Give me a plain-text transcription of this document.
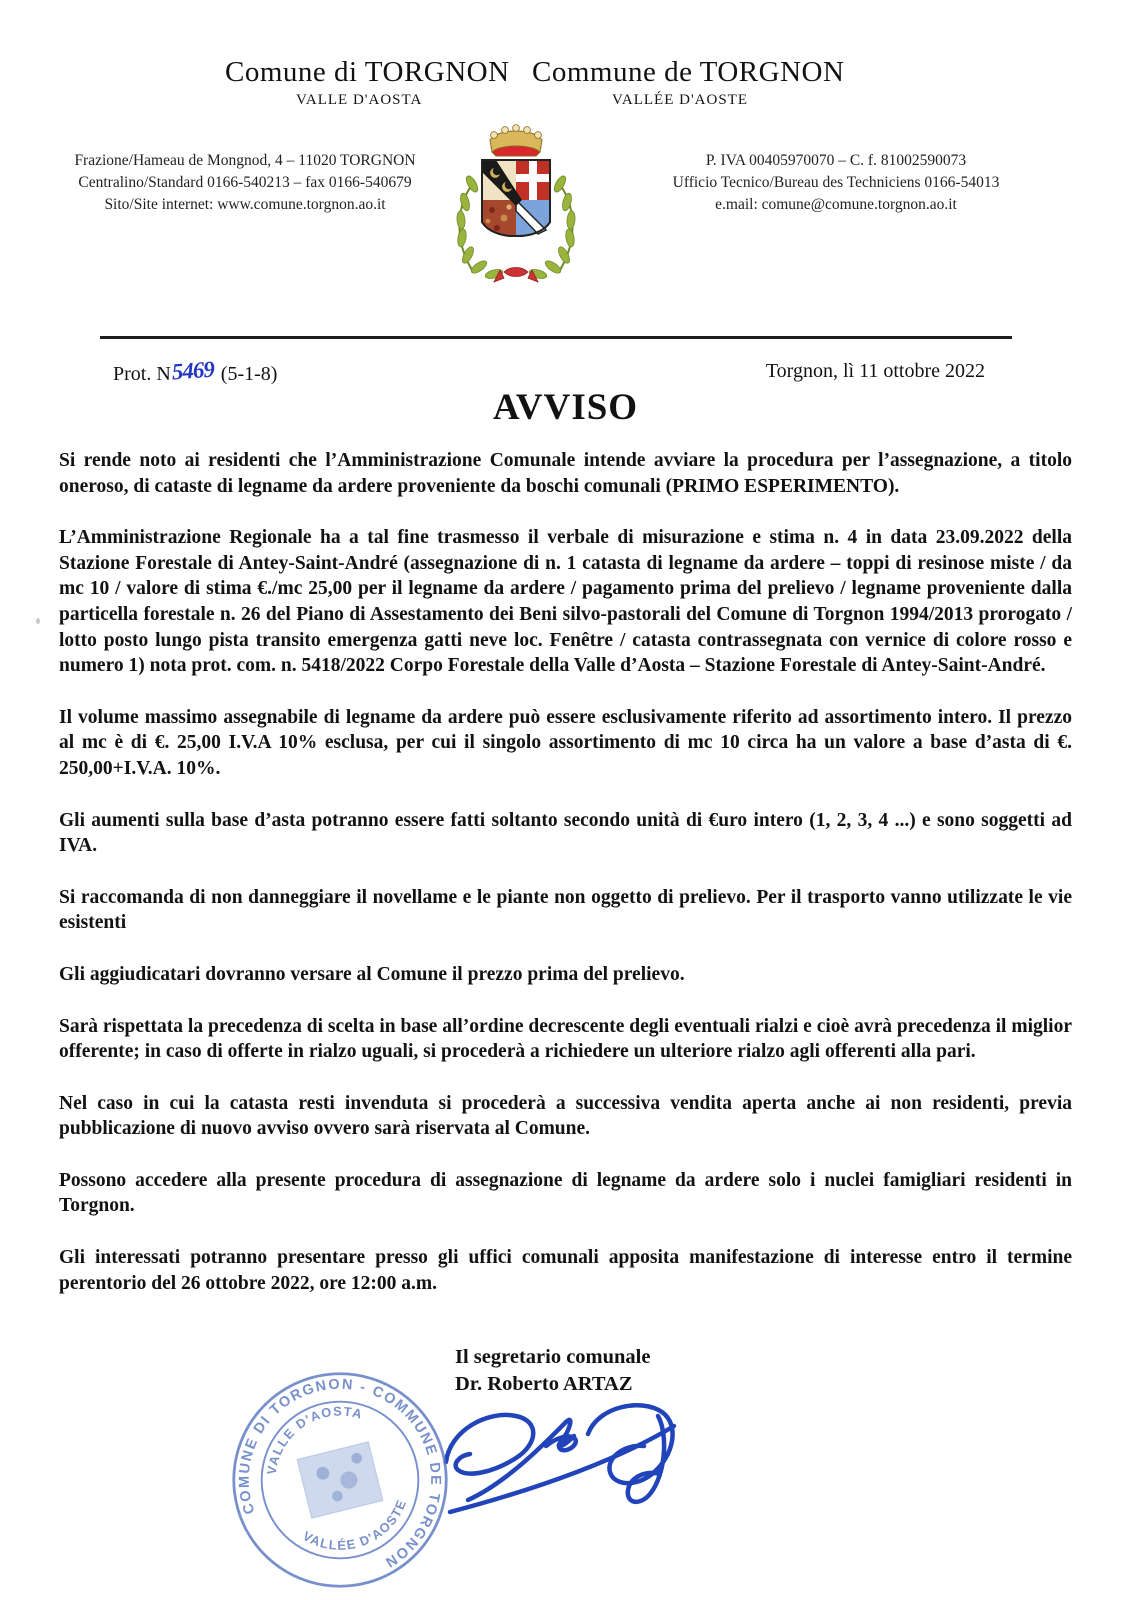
Comune di TORGNON Commune de TORGNON
VALLE D'AOSTA	VALLÉE D'AOSTE
Frazione/Hameau de Mongnod, 4 – 11020 TORGNON
Centralino/Standard 0166-540213 – fax 0166-540679
Sito/Site internet: www.comune.torgnon.ao.it
P. IVA 00405970070 – C. f. 81002590073
Ufficio Tecnico/Bureau des Techniciens 0166-54013
e.mail: comune@comune.torgnon.ao.it
Prot. N5469 (5-1-8)	Torgnon, lì 11 ottobre 2022
AVVISO

Si rende noto ai residenti che l’Amministrazione Comunale intende avviare la procedura per l’assegnazione, a titolo oneroso, di cataste di legname da ardere proveniente da boschi comunali (PRIMO ESPERIMENTO).

L’Amministrazione Regionale ha a tal fine trasmesso il verbale di misurazione e stima n. 4 in data 23.09.2022 della Stazione Forestale di Antey-Saint-André (assegnazione di n. 1 catasta di legname da ardere – toppi di resinose miste / da mc 10 / valore di stima €./mc 25,00 per il legname da ardere / pagamento prima del prelievo / legname proveniente dalla particella forestale n. 26 del Piano di Assestamento dei Beni silvo-pastorali del Comune di Torgnon 1994/2013 prorogato / lotto posto lungo pista transito emergenza gatti neve loc. Fenêtre / catasta contrassegnata con vernice di colore rosso e numero 1) nota prot. com. n. 5418/2022 Corpo Forestale della Valle d’Aosta – Stazione Forestale di Antey-Saint-André.

Il volume massimo assegnabile di legname da ardere può essere esclusivamente riferito ad assortimento intero. Il prezzo al mc è di €. 25,00 I.V.A 10% esclusa, per cui il singolo assortimento di mc 10 circa ha un valore a base d’asta di €. 250,00+I.V.A. 10%.

Gli aumenti sulla base d’asta potranno essere fatti soltanto secondo unità di €uro intero (1, 2, 3, 4 ...) e sono soggetti ad IVA.

Si raccomanda di non danneggiare il novellame e le piante non oggetto di prelievo. Per il trasporto vanno utilizzate le vie esistenti

Gli aggiudicatari dovranno versare al Comune il prezzo prima del prelievo.

Sarà rispettata la precedenza di scelta in base all’ordine decrescente degli eventuali rialzi e cioè avrà precedenza il miglior offerente; in caso di offerte in rialzo uguali, si procederà a richiedere un ulteriore rialzo agli offerenti alla pari.

Nel caso in cui la catasta resti invenduta si procederà a successiva vendita aperta anche ai non residenti, previa pubblicazione di nuovo avviso ovvero sarà riservata al Comune.

Possono accedere alla presente procedura di assegnazione di legname da ardere solo i nuclei famigliari residenti in Torgnon.

Gli interessati potranno presentare presso gli uffici comunali apposita manifestazione di interesse entro il termine perentorio del 26 ottobre 2022, ore 12:00 a.m.

Il segretario comunale
Dr. Roberto ARTAZ
COMUNE DI TORGNON - COMMUNE DE TORGNON
VALLE D'AOSTA
VALLÉE D'AOSTE
